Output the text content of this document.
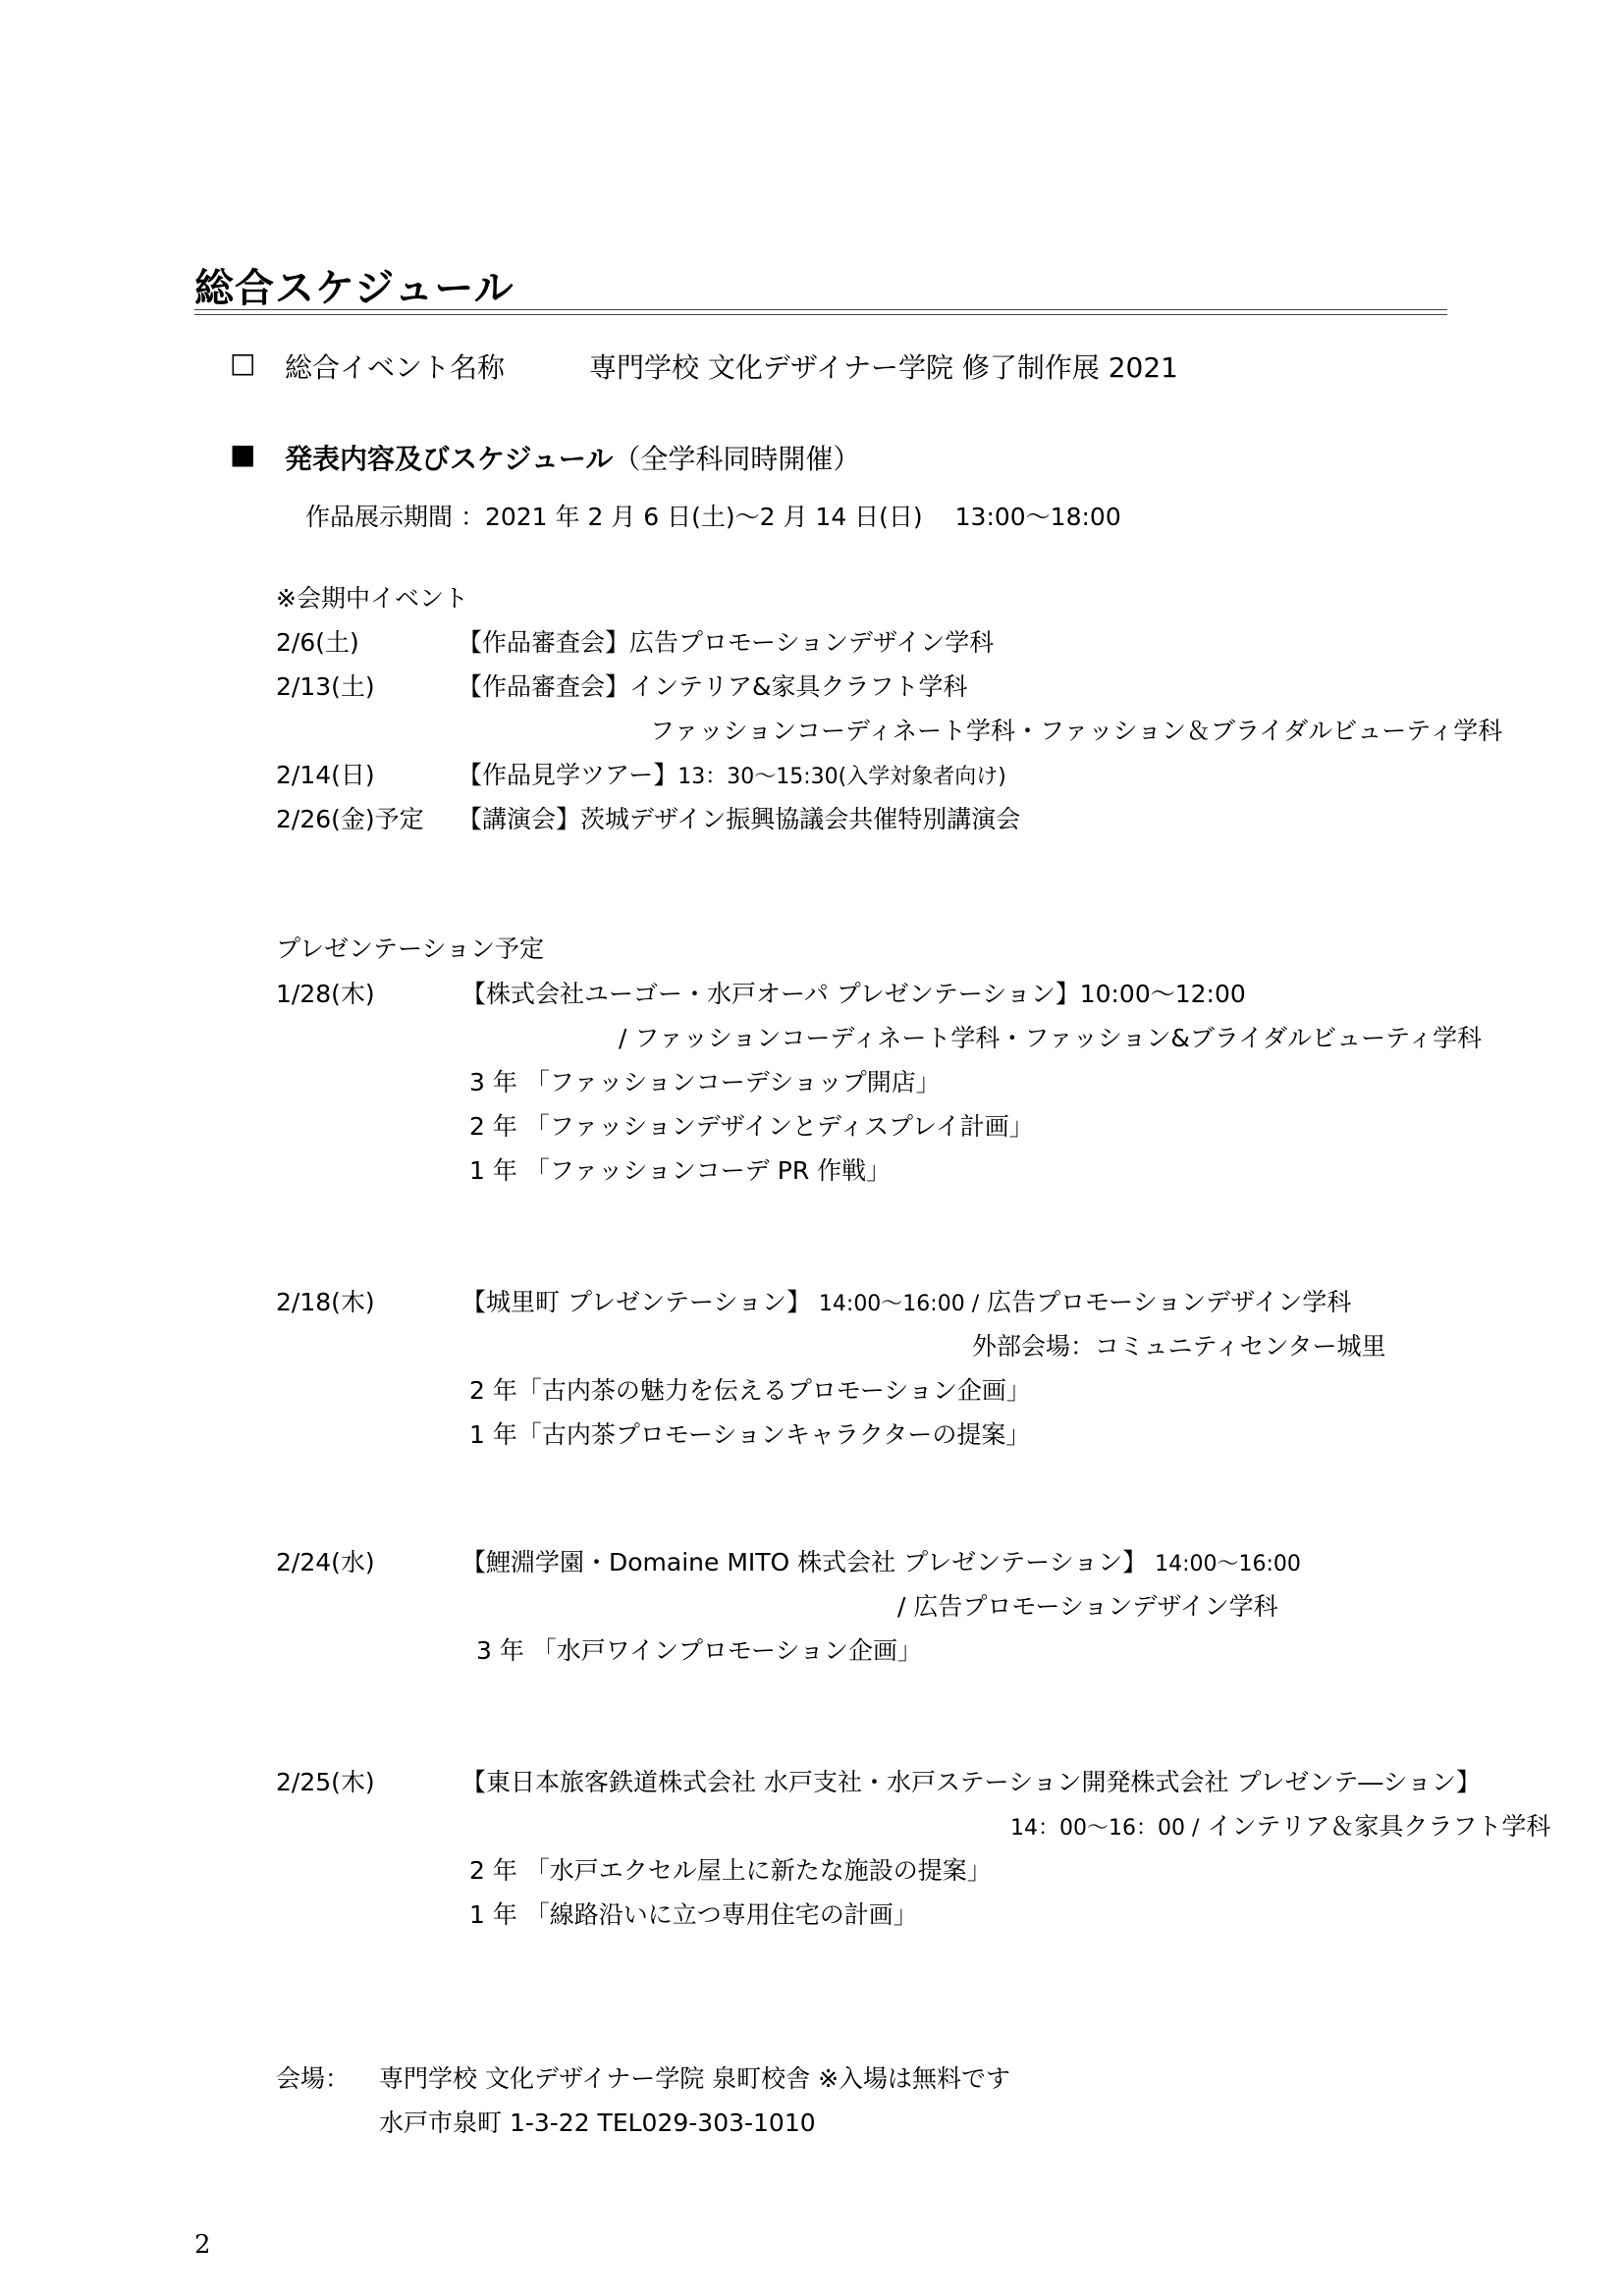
総合スケジュール
□ 総合イベント名称	専門学校 文化デザイナー学院 修了制作展 2021
■ 発表内容及びスケジュール（全学科同時開催）
作品展示期間 ：2021 年 2 月 6 日(土)～2 月 14 日(日)　 13:00～18:00
※会期中イベント
2/6(土)	【作品審査会】広告プロモーションデザイン学科
2/13(土)	【作品審査会】インテリア&家具クラフト学科
ファッションコーディネート学科・ファッション＆ブライダルビューティ学科
2/14(日)	【作品見学ツアー】13：30～15:30(入学対象者向け)
2/26(金)予定 【講演会】茨城デザイン振興協議会共催特別講演会
プレゼンテーション予定
1/28(木)	【株式会社ユーゴー・水戸オーパ プレゼンテーション】10:00～12:00
/ ファッションコーディネート学科・ファッション&ブライダルビューティ学科
3 年 「ファッションコーデショップ開店」
2 年 「ファッションデザインとディスプレイ計画」
1 年 「ファッションコーデ PR 作戦」
2/18(木)	【城里町 プレゼンテーション】 14:00～16:00 / 広告プロモーションデザイン学科
外部会場：コミュニティセンター城里
2 年「古内茶の魅力を伝えるプロモーション企画」
1 年「古内茶プロモーションキャラクターの提案」
2/24(水)	【鯉淵学園・Domaine MITO 株式会社 プレゼンテーション】 14:00～16:00
/ 広告プロモーションデザイン学科
3 年 「水戸ワインプロモーション企画」
2/25(木)	【東日本旅客鉄道株式会社 水戸支社・水戸ステーション開発株式会社 プレゼンテ―ション】
14：00～16：00 / インテリア＆家具クラフト学科
2 年 「水戸エクセル屋上に新たな施設の提案」
1 年 「線路沿いに立つ専用住宅の計画」
会場： 専門学校 文化デザイナー学院 泉町校舎 ※入場は無料です
水戸市泉町 1-3-22 TEL029-303-1010
2
